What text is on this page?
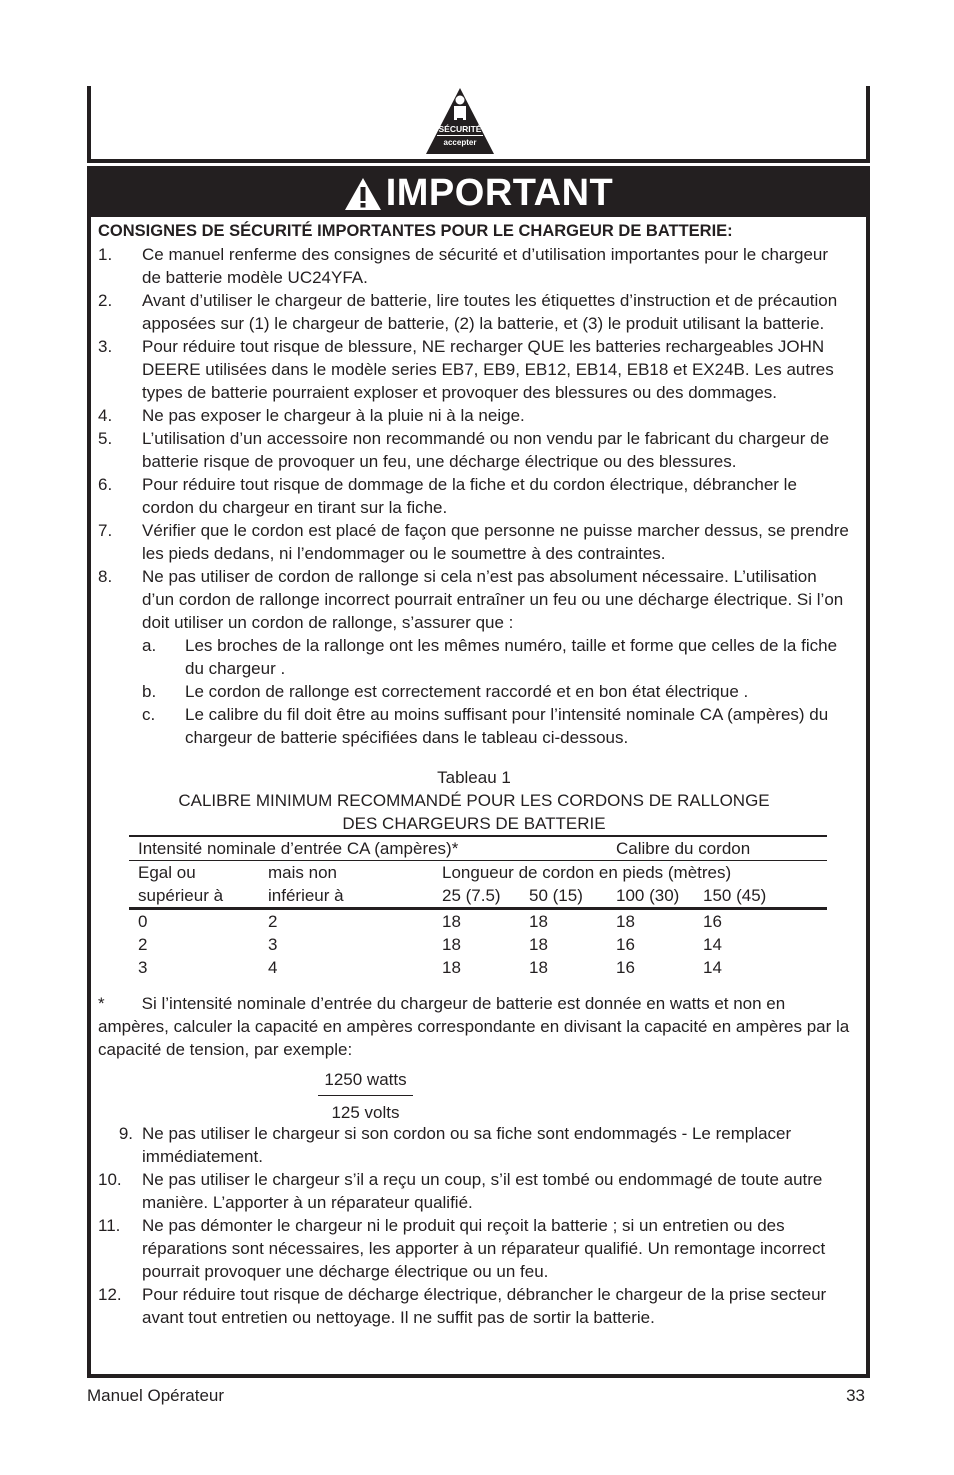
SÉCURITÉ
accepter
IMPORTANT
CONSIGNES DE SÉCURITÉ IMPORTANTES POUR LE CHARGEUR DE BATTERIE:
1.	Ce manuel renferme des consignes de sécurité et d’utilisation importantes pour le chargeur de batterie modèle UC24YFA.
2.	Avant d’utiliser le chargeur de batterie, lire toutes les étiquettes d’instruction et de précaution apposées sur (1) le chargeur de batterie, (2) la batterie, et (3) le produit utilisant la batterie.
3.	Pour réduire tout risque de blessure, NE recharger QUE les batteries rechargeables JOHN DEERE utilisées dans le modèle series EB7, EB9, EB12, EB14, EB18 et EX24B. Les autres types de batterie pourraient exploser et provoquer des blessures ou des dommages.
4.	Ne pas exposer le chargeur à la pluie ni à la neige.
5.	L’utilisation d’un accessoire non recommandé ou non vendu par le fabricant du chargeur de batterie risque de provoquer un feu, une décharge électrique ou des blessures.
6.	Pour réduire tout risque de dommage de la fiche et du cordon électrique, débrancher le cordon du chargeur en tirant sur la fiche.
7.	Vérifier que le cordon est placé de façon que personne ne puisse marcher dessus, se prendre les pieds dedans, ni l’endommager ou le soumettre à des contraintes.
8.	Ne pas utiliser de cordon de rallonge si cela n’est pas absolument nécessaire. L’utilisation d’un cordon de rallonge incorrect pourrait entraîner un feu ou une décharge électrique. Si l’on doit utiliser un cordon de rallonge, s’assurer que :
a.	Les broches de la rallonge ont les mêmes numéro, taille et forme que celles de la fiche du chargeur .
b.	Le cordon de rallonge est correctement raccordé et en bon état électrique .
c.	Le calibre du fil doit être au moins suffisant pour l’intensité nominale CA (ampères) du chargeur de batterie spécifiées dans le tableau ci-dessous.
Tableau 1
CALIBRE MINIMUM RECOMMANDÉ POUR LES CORDONS DE RALLONGE
DES CHARGEURS DE BATTERIE
Intensité nominale d’entrée CA (ampères)*				Calibre du cordon	
Egal ou	mais non	Longueur de cordon en pieds (mètres)			
supérieur à	inférieur à	25 (7.5)	50 (15)	100 (30)	150 (45)
0	2	18	18	18	16
2	3	18	18	16	14
3	4	18	18	16	14
* Si l’intensité nominale d’entrée du chargeur de batterie est donnée en watts et non en ampères, calculer la capacité en ampères correspondante en divisant la capacité en ampères par la capacité de tension, par exemple:
1250 watts
125 volts
9. Ne pas utiliser le chargeur si son cordon ou sa fiche sont endommagés - Le remplacer immédiatement.
10.	Ne pas utiliser le chargeur s’il a reçu un coup, s’il est tombé ou endommagé de toute autre manière. L’apporter à un réparateur qualifié.
11.	Ne pas démonter le chargeur ni le produit qui reçoit la batterie ; si un entretien ou des réparations sont nécessaires, les apporter à un réparateur qualifié. Un remontage incorrect pourrait provoquer une décharge électrique ou un feu.
12.	Pour réduire tout risque de décharge électrique, débrancher le chargeur de la prise secteur avant tout entretien ou nettoyage. Il ne suffit pas de sortir la batterie.
Manuel Opérateur	33
